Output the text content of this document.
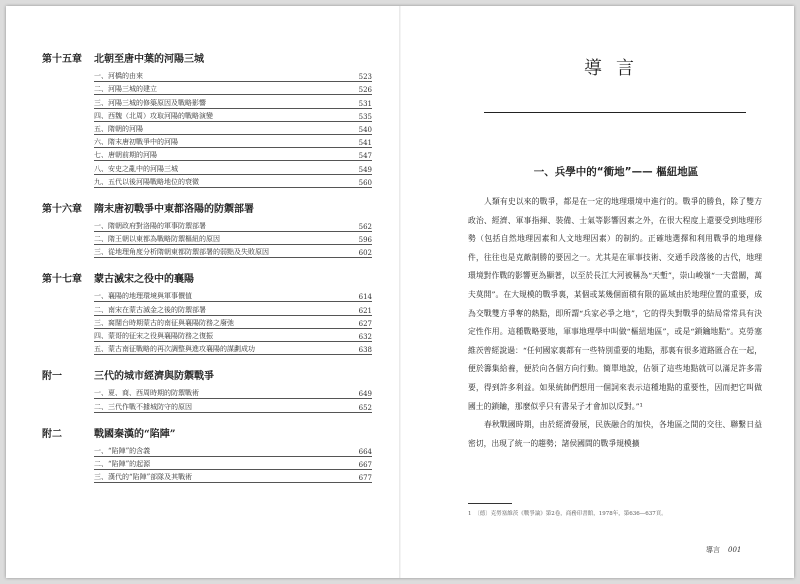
第十五章	北朝至唐中葉的河陽三城
一、河橋的由來	523
二、河陽三城的建立	526
三、河陽三城的修築原因及戰略影響	531
四、西魏（北周）攻取河陽的戰略演變	535
五、隋朝的河陽	540
六、隋末唐初戰爭中的河陽	541
七、唐朝前期的河陽	547
八、安史之亂中的河陽三城	549
九、五代以後河陽戰略地位的衰微	560
第十六章	隋末唐初戰爭中東都洛陽的防禦部署
一、隋朝政府對洛陽的軍事防禦部署	562
二、隋王朝以東都為戰略防禦樞紐的原因	596
三、從地理角度分析隋朝東都防禦部署的弱點及失敗原因	602
第十七章	蒙古滅宋之役中的襄陽
一、襄陽的地理環境與軍事價值	614
二、南宋在蒙古滅金之後的防禦部署	621
三、窩闊台時期蒙古的南征與襄陽防務之廢弛	627
四、蒙哥的征宋之役與襄陽防務之復振	632
五、蒙古南征戰略的再次調整與進攻襄陽的謀劃成功	638
附一	三代的城市經濟與防禦戰爭
一、夏、商、西周時期的防禦戰術	649
二、三代作戰不據城防守的原因	652
附二	戰國秦漢的“陷陣”
一、“陷陣”的含義	664
二、“陷陣”的起源	667
三、漢代的“陷陣”部隊及其戰術	677
導言
一、兵學中的“衝地”—— 樞紐地區

人類有史以來的戰爭，都是在一定的地理環境中進行的。戰爭的勝負，除了雙方政治、經濟、軍事指揮、裝備、士氣等影響因素之外，在很大程度上還要受到地理形勢（包括自然地理因素和人文地理因素）的制約。正確地選擇和利用戰爭的地理條件，往往也是克敵制勝的要因之一。尤其是在軍事技術、交通手段落後的古代，地理環境對作戰的影響更為顯著，以至於長江大河被稱為“天塹”，崇山峻嶺“一夫當關，萬夫莫開”。在大規模的戰爭裏，某個或某幾個面積有限的區域由於地理位置的重要，成為交戰雙方爭奪的熱點，即所謂“兵家必爭之地”，它的得失對戰爭的結局常常具有決定性作用。這種戰略要地，軍事地理學中叫做“樞紐地區”，或是“鎖鑰地點”。克勞塞維茨曾經說過：“任何國家裏都有一些特別重要的地點，那裏有很多道路匯合在一起，便於籌集給養，便於向各個方向行動。簡單地說，佔領了這些地點就可以滿足許多需要，得到許多利益。如果統帥們想用一個詞來表示這種地點的重要性，因而把它叫做國土的鎖鑰，那麼似乎只有書呆子才會加以反對。”¹

春秋戰國時期，由於經濟發展，民族融合的加快，各地區之間的交往、聯繫日益密切，出現了統一的趨勢；諸侯國間的戰爭規模擴

1　〔德〕克勞塞維茨《戰爭論》第2卷，商務印書館，1978年，第636—637頁。
導言 001
